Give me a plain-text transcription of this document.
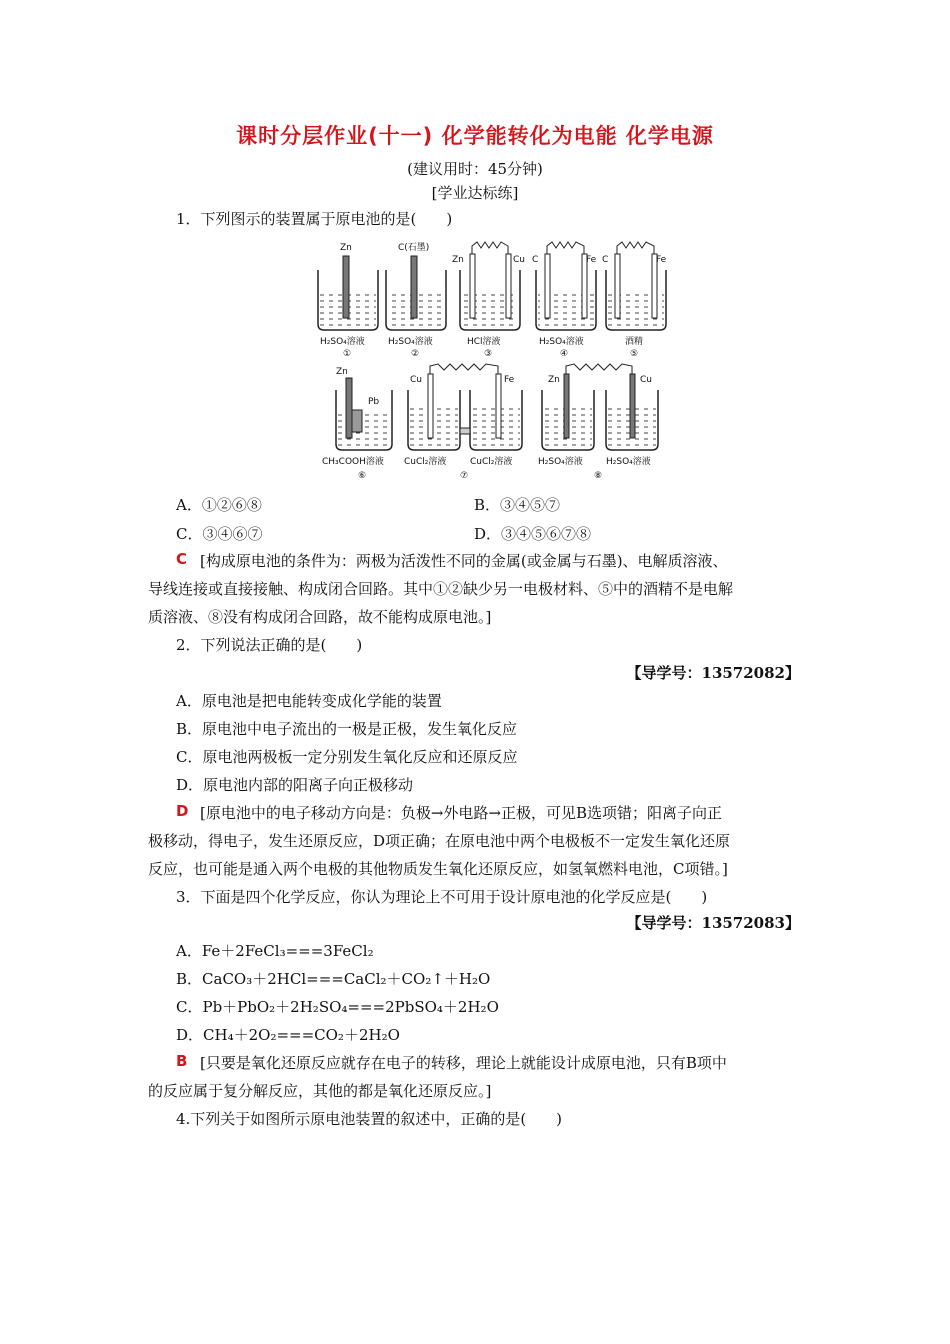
课时分层作业(十一) 化学能转化为电能 化学电源
(建议用时：45分钟)
[学业达标练]
1．下列图示的装置属于原电池的是(　　)
Zn
H₂SO₄溶液
①
C(石墨)
H₂SO₄溶液
②
Zn	Cu
HCl溶液
③
C	Fe
H₂SO₄溶液
④
C	Fe
酒精
⑤
Zn
Pb
CH₃COOH溶液
⑥
Cu	Fe
CuCl₂溶液	CuCl₂溶液
⑦
Zn	Cu
H₂SO₄溶液	H₂SO₄溶液
⑧
A．①②⑥⑧	B．③④⑤⑦
C．③④⑥⑦	D．③④⑤⑥⑦⑧
C [构成原电池的条件为：两极为活泼性不同的金属(或金属与石墨)、电解质溶液、
导线连接或直接接触、构成闭合回路。其中①②缺少另一电极材料、⑤中的酒精不是电解
质溶液、⑧没有构成闭合回路，故不能构成原电池。]
2．下列说法正确的是(　　)
【导学号：13572082】
A．原电池是把电能转变成化学能的装置
B．原电池中电子流出的一极是正极，发生氧化反应
C．原电池两极板一定分别发生氧化反应和还原反应
D．原电池内部的阳离子向正极移动
D [原电池中的电子移动方向是：负极→外电路→正极，可见B选项错；阳离子向正
极移动，得电子，发生还原反应，D项正确；在原电池中两个电极板不一定发生氧化还原
反应，也可能是通入两个电极的其他物质发生氧化还原反应，如氢氧燃料电池，C项错。]
3．下面是四个化学反应，你认为理论上不可用于设计原电池的化学反应是(　　)
【导学号：13572083】
A．Fe＋2FeCl₃===3FeCl₂
B．CaCO₃＋2HCl===CaCl₂＋CO₂↑＋H₂O
C．Pb＋PbO₂＋2H₂SO₄===2PbSO₄＋2H₂O
D．CH₄＋2O₂===CO₂＋2H₂O
B [只要是氧化还原反应就存在电子的转移，理论上就能设计成原电池，只有B项中
的反应属于复分解反应，其他的都是氧化还原反应。]
4.下列关于如图所示原电池装置的叙述中，正确的是(　　)
